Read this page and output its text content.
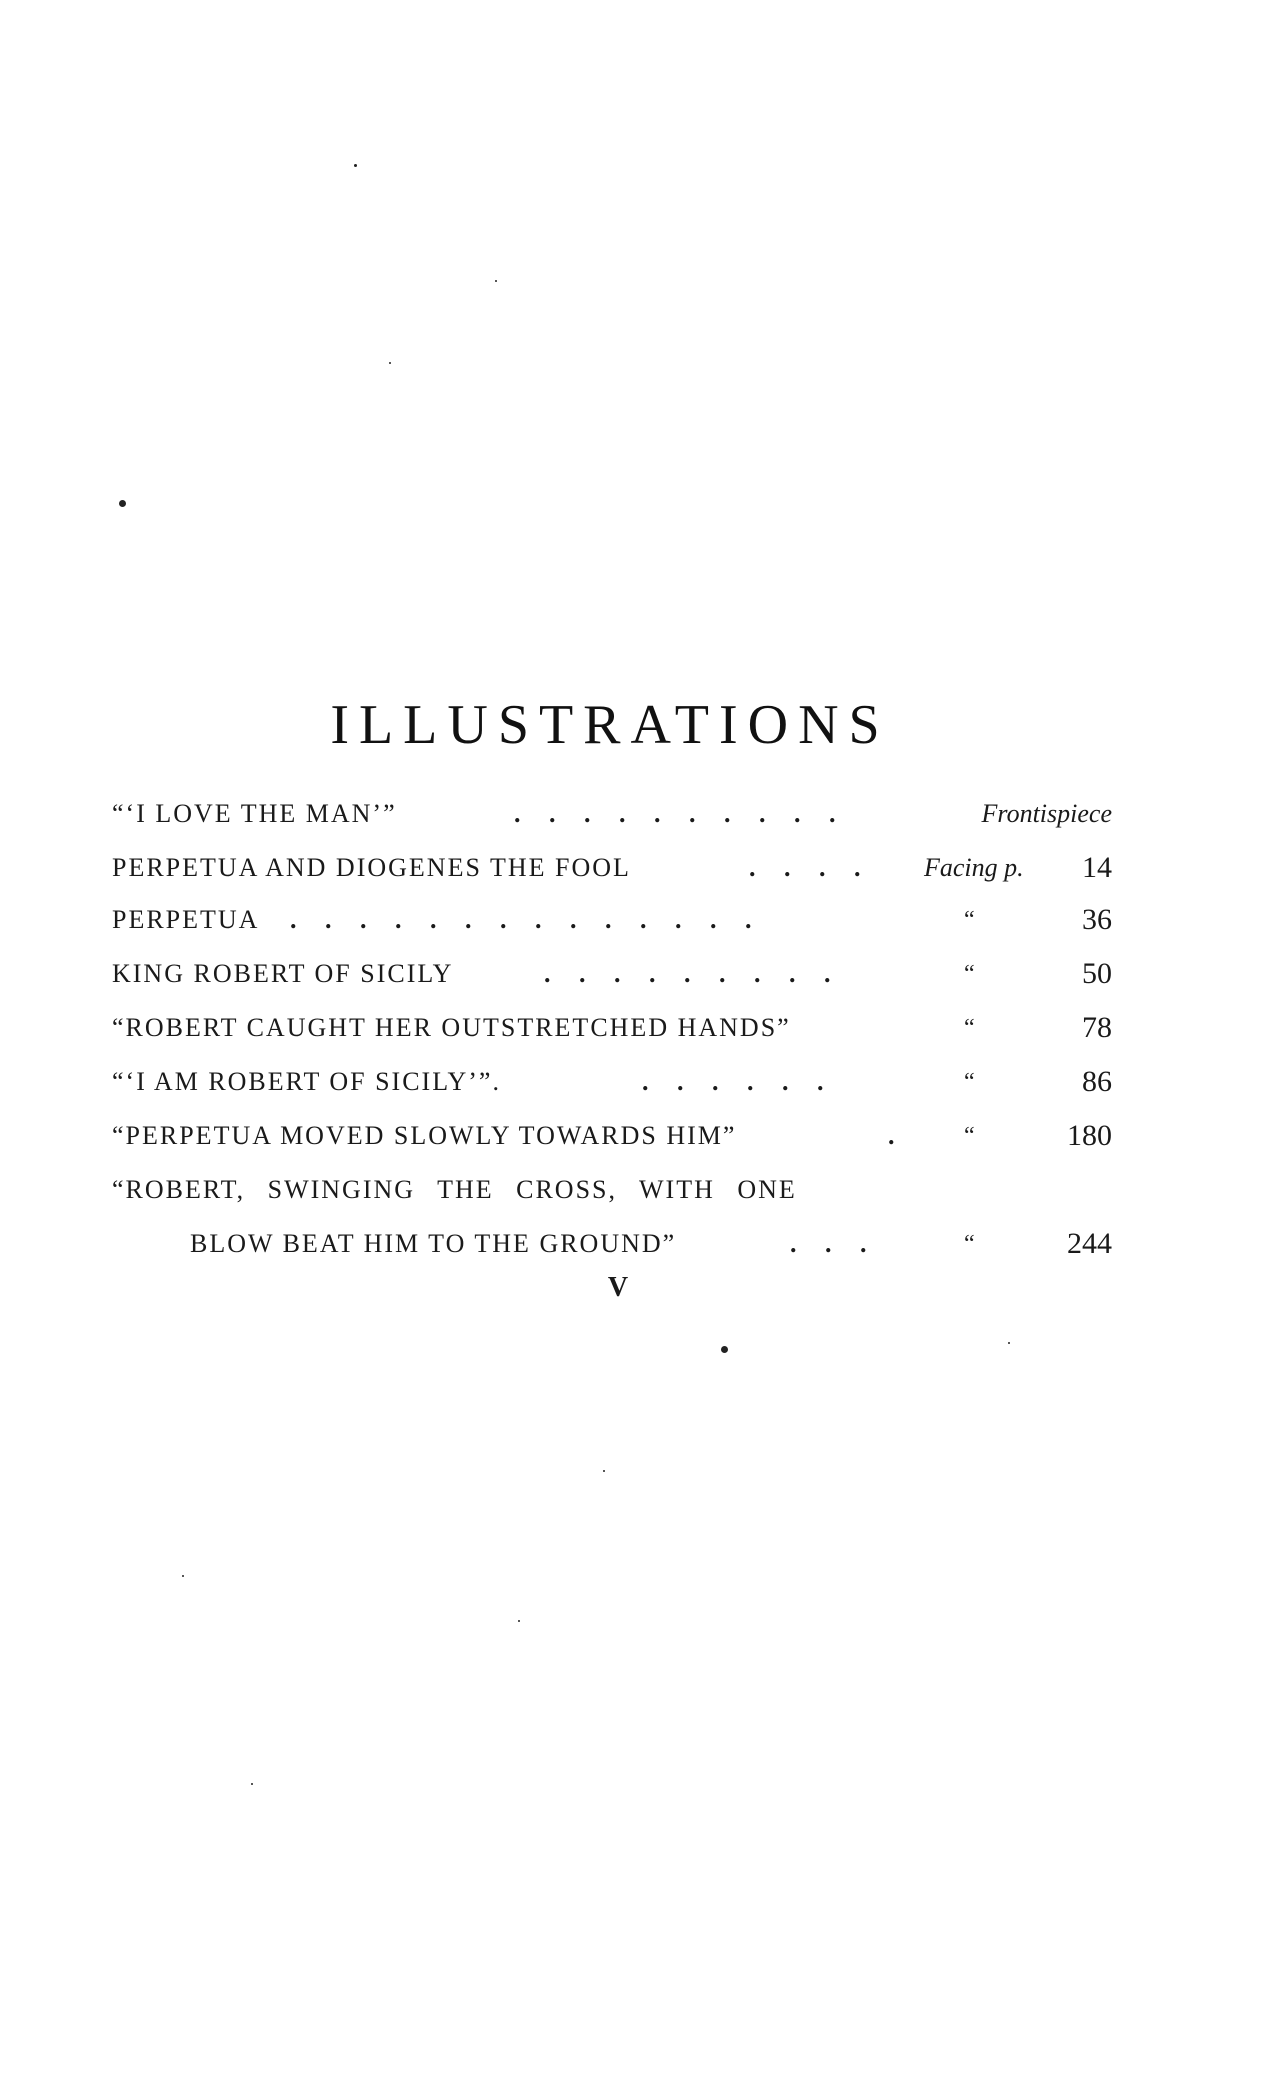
ILLUSTRATIONS
“‘I LOVE THE MAN’”	. . . . . . . . . .	Frontispiece
PERPETUA AND DIOGENES THE FOOL	. . . . Facing p. 14
PERPETUA . . . . . . . . . . . . . .	“	36
KING ROBERT OF SICILY	. . . . . . . . .	“	50
“ROBERT CAUGHT HER OUTSTRETCHED HANDS”	“	78
“‘I AM ROBERT OF SICILY’”.	. . . . . .	“	86
“PERPETUA MOVED SLOWLY TOWARDS HIM”	. “	180
“ROBERT, SWINGING THE CROSS, WITH ONE
BLOW BEAT HIM TO THE GROUND”	. . .	“	244
V
